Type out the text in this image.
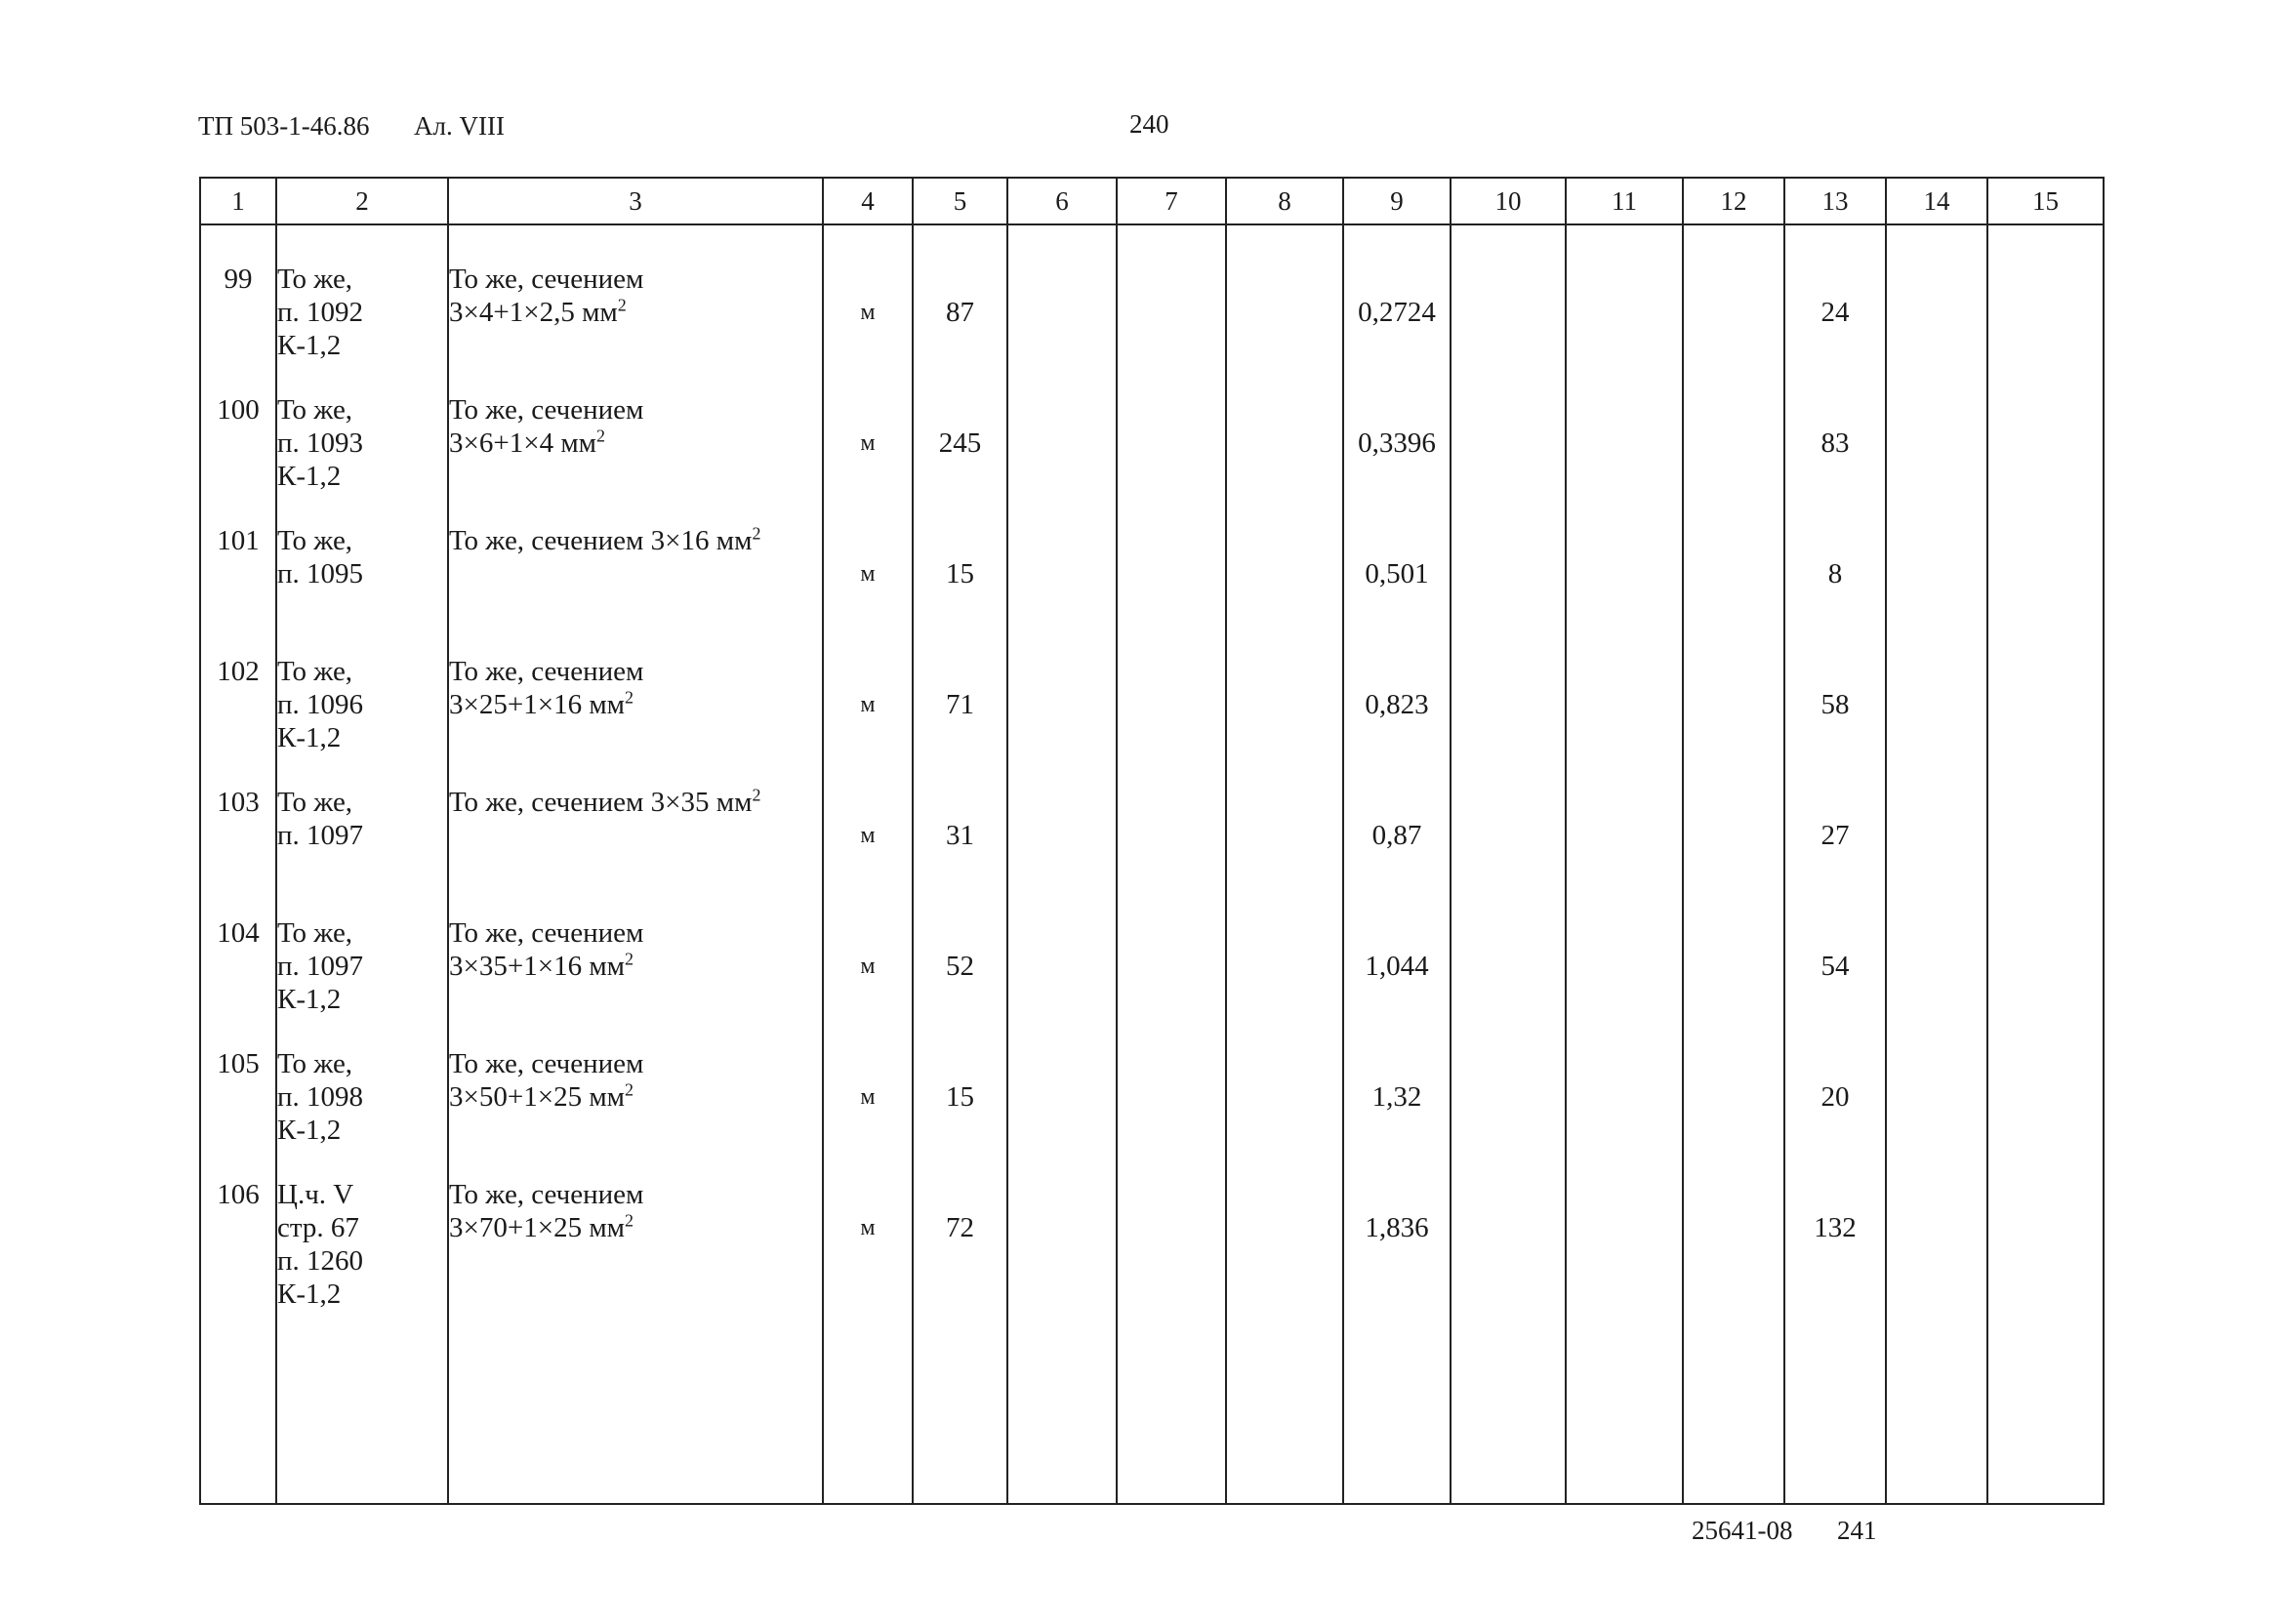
ТП 503-1-46.86 Ал. VIII	240
1	2	3	4	5	6	7	8	9	10	11	12	13	14	15
99	То же,
п. 1092
К-1,2	То же, сечением
3×4+1×2,5 $мм^2$	м	87				0,2724				24		

100	То же,
п. 1093
К-1,2	То же, сечением
3×6+1×4 $мм^2$	м	245				0,3396				83		

101	То же,
п. 1095	То же, сечением 3×16 $мм^2$	м	15				0,501				8		

102	То же,
п. 1096
К-1,2	То же, сечением
3×25+1×16 $мм^2$	м	71				0,823				58		

103	То же,
п. 1097	То же, сечением 3×35 $мм^2$	м	31				0,87				27		

104	То же,
п. 1097
К-1,2	То же, сечением
3×35+1×16 $мм^2$	м	52				1,044				54		

105	То же,
п. 1098
К-1,2	То же, сечением
3×50+1×25 $мм^2$	м	15				1,32				20		

106	Ц.ч. V
стр. 67
п. 1260
К-1,2	То же, сечением
3×70+1×25 $мм^2$	м	72				1,836				132		

25641-08 241
